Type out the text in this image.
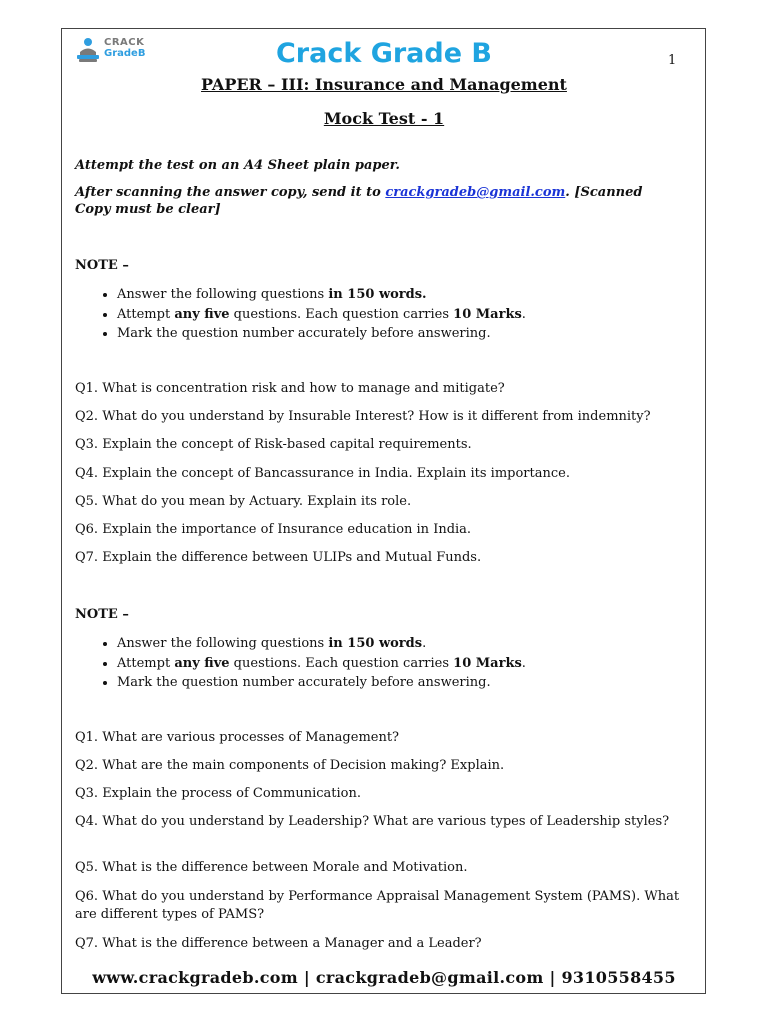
CRACK
GradeB	Crack Grade B	1
PAPER – III: Insurance and Management
Mock Test - 1
Attempt the test on an A4 Sheet plain paper.
After scanning the answer copy, send it to crackgradeb@gmail.com. [Scanned Copy must be clear]
NOTE –
• Answer the following questions in 150 words.
• Attempt any five questions. Each question carries 10 Marks.
• Mark the question number accurately before answering.
Q1. What is concentration risk and how to manage and mitigate?
Q2. What do you understand by Insurable Interest? How is it different from indemnity?
Q3. Explain the concept of Risk-based capital requirements.
Q4. Explain the concept of Bancassurance in India. Explain its importance.
Q5. What do you mean by Actuary. Explain its role.
Q6. Explain the importance of Insurance education in India.
Q7. Explain the difference between ULIPs and Mutual Funds.
NOTE –
• Answer the following questions in 150 words.
• Attempt any five questions. Each question carries 10 Marks.
• Mark the question number accurately before answering.
Q1. What are various processes of Management?
Q2. What are the main components of Decision making? Explain.
Q3. Explain the process of Communication.
Q4. What do you understand by Leadership? What are various types of Leadership styles?
Q5. What is the difference between Morale and Motivation.
Q6. What do you understand by Performance Appraisal Management System (PAMS). What are different types of PAMS?
Q7. What is the difference between a Manager and a Leader?
www.crackgradeb.com | crackgradeb@gmail.com | 9310558455
